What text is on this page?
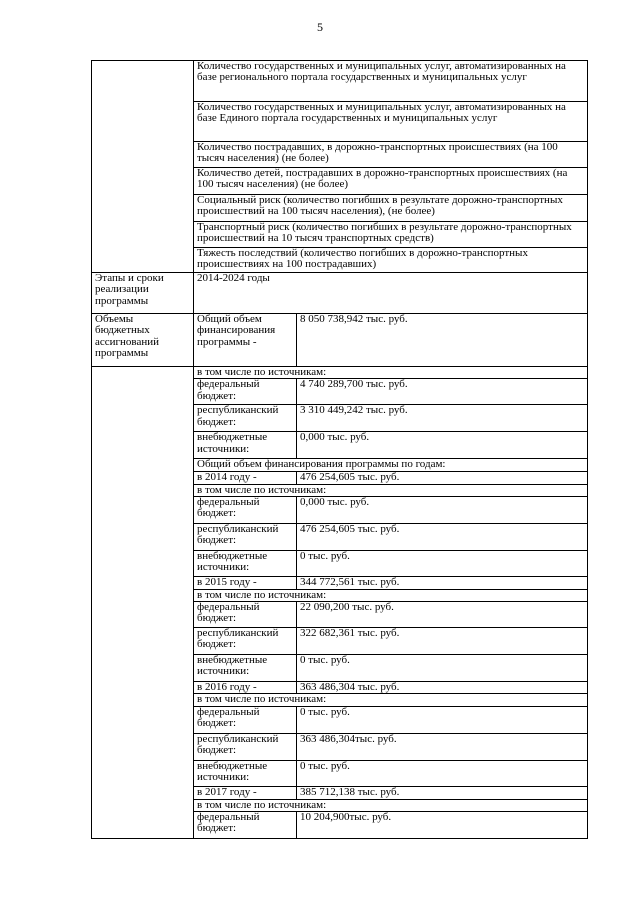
5
	Количество государственных и муниципальных услуг, автоматизированных на базе регионального портала государственных и муниципальных услуг	
	Количество государственных и муниципальных услуг, автоматизированных на базе Единого портала государственных и муниципальных услуг	
	Количество пострадавших, в дорожно-транспортных происшествиях (на 100 тысяч населения) (не более)	
	Количество детей, пострадавших в дорожно-транспортных происшествиях (на 100 тысяч населения) (не более)	
	Социальный риск (количество погибших в результате дорожно-транспортных происшествий на 100 тысяч населения), (не более)	
	Транспортный риск (количество погибших в результате дорожно-транспортных происшествий на 10 тысяч транспортных средств)	
	Тяжесть последствий (количество погибших в дорожно-транспортных происшествиях на 100 пострадавших)	
Этапы и сроки реализации программы	2014-2024 годы	
Объемы бюджетных ассигнований программы	Общий объем финансирования программы -	8 050 738,942 тыс. руб.
	в том числе по источникам:	
	федеральный бюджет:	4 740 289,700 тыс. руб.
	республиканский бюджет:	3 310 449,242 тыс. руб.
	внебюджетные источники:	0,000 тыс. руб.
	Общий объем финансирования программы по годам:	
	в 2014 году -	476 254,605 тыс. руб.
	в том числе по источникам:	
	федеральный бюджет:	0,000 тыс. руб.
	республиканский бюджет:	476 254,605 тыс. руб.
	внебюджетные источники:	0 тыс. руб.
	в 2015 году -	344 772,561 тыс. руб.
	в том числе по источникам:	
	федеральный бюджет:	22 090,200 тыс. руб.
	республиканский бюджет:	322 682,361 тыс. руб.
	внебюджетные источники:	0 тыс. руб.
	в 2016 году -	363 486,304 тыс. руб.
	в том числе по источникам:	
	федеральный бюджет:	0 тыс. руб.
	республиканский бюджет:	363 486,304тыс. руб.
	внебюджетные источники:	0 тыс. руб.
	в 2017 году -	385 712,138 тыс. руб.
	в том числе по источникам:	
	федеральный бюджет:	10 204,900тыс. руб.
